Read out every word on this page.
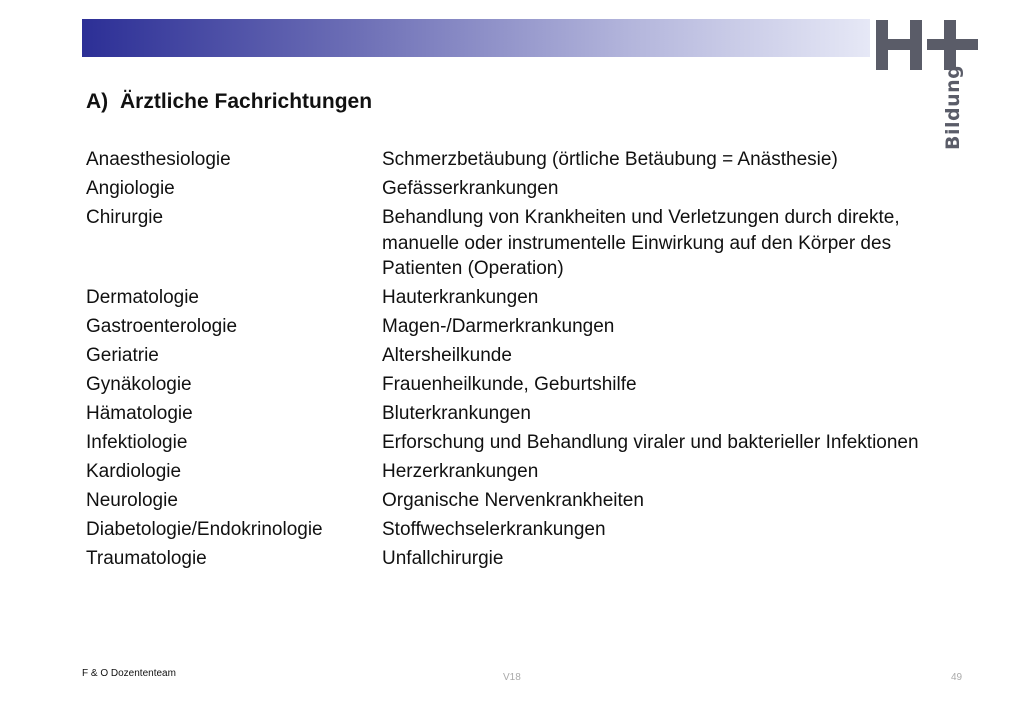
Bildung
A) Ärztliche Fachrichtungen
Anaesthesiologie	Schmerzbetäubung (örtliche Betäubung = Anästhesie)
Angiologie	Gefässerkrankungen
Chirurgie	Behandlung von Krankheiten und Verletzungen durch direkte, manuelle oder instrumentelle Einwirkung auf den Körper des Patienten (Operation)
Dermatologie	Hauterkrankungen
Gastroenterologie	Magen-/Darmerkrankungen
Geriatrie	Altersheilkunde
Gynäkologie	Frauenheilkunde, Geburtshilfe
Hämatologie	Bluterkrankungen
Infektiologie	Erforschung und Behandlung viraler und bakterieller Infektionen
Kardiologie	Herzerkrankungen
Neurologie	Organische Nervenkrankheiten
Diabetologie/Endokrinologie	Stoffwechselerkrankungen
Traumatologie	Unfallchirurgie
F & O Dozententeam	V18	49
